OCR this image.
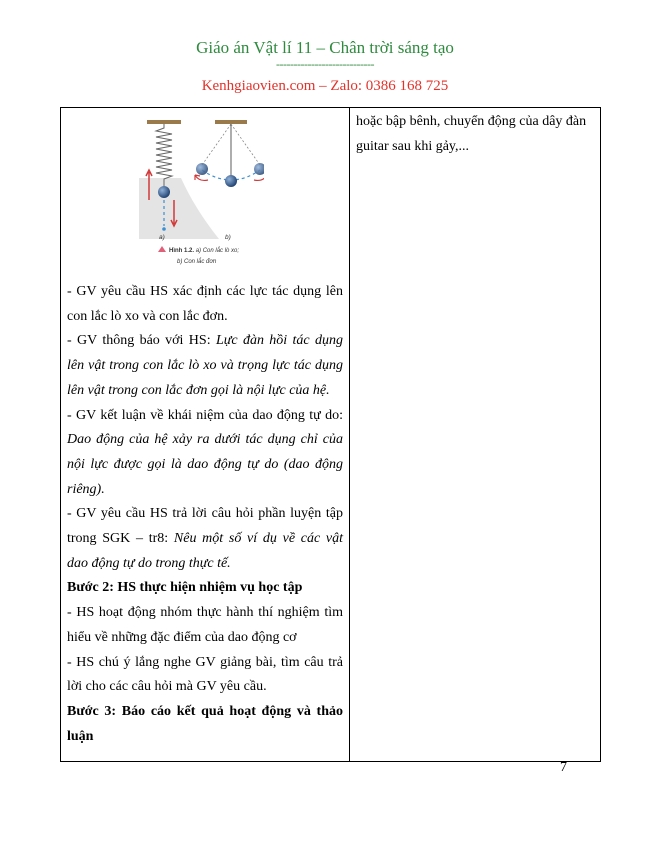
Giáo án Vật lí 11 – Chân trời sáng tạo
----------------------------
Kenhgiaovien.com – Zalo: 0386 168 725
a)	b)
Hình 1.2. a) Con lắc lò xo;
b) Con lắc đơn

- GV yêu cầu HS xác định các lực tác dụng lên con lắc lò xo và con lắc đơn.

- GV thông báo với HS: Lực đàn hồi tác dụng lên vật trong con lắc lò xo và trọng lực tác dụng lên vật trong con lắc đơn gọi là nội lực của hệ.

- GV kết luận về khái niệm của dao động tự do: Dao động của hệ xảy ra dưới tác dụng chỉ của nội lực được gọi là dao động tự do (dao động riêng).

- GV yêu cầu HS trả lời câu hỏi phần luyện tập trong SGK – tr8: Nêu một số ví dụ về các vật dao động tự do trong thực tế.

Bước 2: HS thực hiện nhiệm vụ học tập

- HS hoạt động nhóm thực hành thí nghiệm tìm hiểu về những đặc điểm của dao động cơ

- HS chú ý lắng nghe GV giảng bài, tìm câu trả lời cho các câu hỏi mà GV yêu cầu.

Bước 3: Báo cáo kết quả hoạt động và thảo luận

hoặc bập bênh, chuyển động của dây đàn guitar sau khi gảy,...
7
